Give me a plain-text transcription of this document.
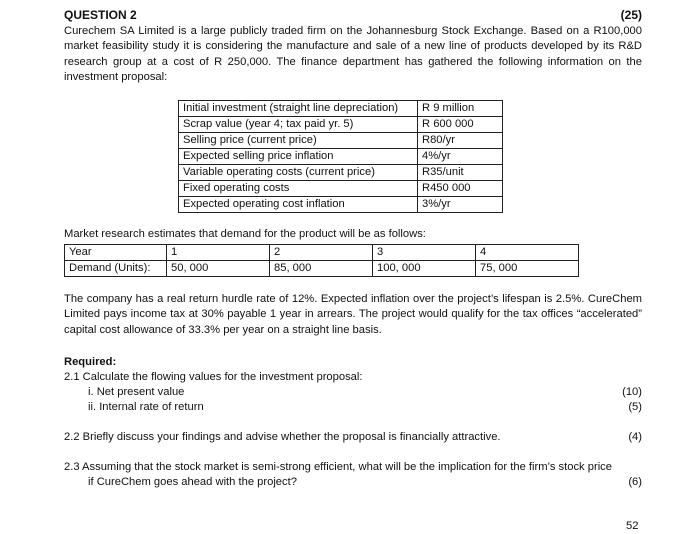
QUESTION 2	(25)
Curechem SA Limited is a large publicly traded firm on the Johannesburg Stock Exchange. Based on a R100,000 market feasibility study it is considering the manufacture and sale of a new line of products developed by its R&D research group at a cost of R 250,000. The finance department has gathered the following information on the investment proposal:
Initial investment (straight line depreciation)	R 9 million
Scrap value (year 4; tax paid yr. 5)	R 600 000
Selling price (current price)	R80/yr
Expected selling price inflation	4%/yr
Variable operating costs (current price)	R35/unit
Fixed operating costs	R450 000
Expected operating cost inflation	3%/yr
Market research estimates that demand for the product will be as follows:
Year	1	2	3	4
Demand (Units):	50, 000	85, 000	100, 000	75, 000
The company has a real return hurdle rate of 12%. Expected inflation over the project’s lifespan is 2.5%. CureChem Limited pays income tax at 30% payable 1 year in arrears. The project would qualify for the tax offices “accelerated” capital cost allowance of 33.3% per year on a straight line basis.
Required:
2.1 Calculate the flowing values for the investment proposal:
i. Net present value	(10)
ii. Internal rate of return	(5)
2.2 Briefly discuss your findings and advise whether the proposal is financially attractive.	(4)
2.3 Assuming that the stock market is semi-strong efficient, what will be the implication for the firm’s stock price
if CureChem goes ahead with the project?	(6)
52
